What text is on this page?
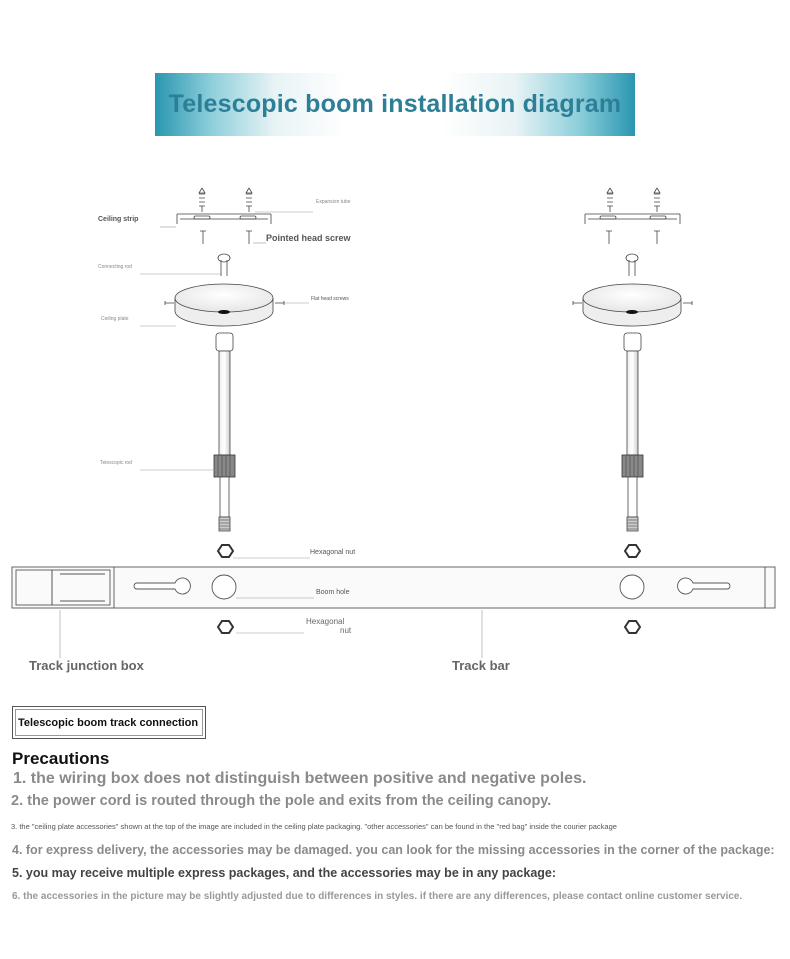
Telescopic boom installation diagram
Expansion tube
Ceiling strip
Pointed head screw
Connecting rod
Flat head screws
Ceiling plate
Telescopic rod
Hexagonal nut
Boom hole
Hexagonal
nut
Track junction box	Track bar
Telescopic boom track connection
Precautions
1. the wiring box does not distinguish between positive and negative poles.
2. the power cord is routed through the pole and exits from the ceiling canopy.
3. the "ceiling plate accessories" shown at the top of the image are included in the ceiling plate packaging. "other accessories" can be found in the "red bag" inside the courier package
4. for express delivery, the accessories may be damaged. you can look for the missing accessories in the corner of the package:
5. you may receive multiple express packages, and the accessories may be in any package:
6. the accessories in the picture may be slightly adjusted due to differences in styles. if there are any differences, please contact online customer service.
